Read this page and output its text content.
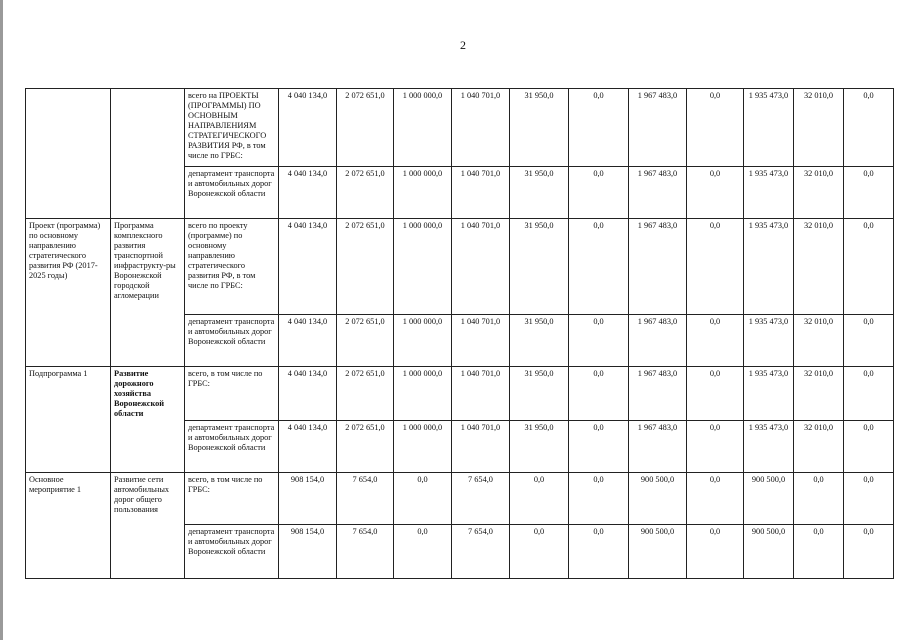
2
		всего на ПРОЕКТЫ (ПРОГРАММЫ) ПО ОСНОВНЫМ НАПРАВЛЕНИЯМ СТРАТЕГИЧЕСКОГО РАЗВИТИЯ РФ, в том числе по ГРБС:	4 040 134,0	2 072 651,0	1 000 000,0	1 040 701,0	31 950,0	0,0	1 967 483,0	0,0	1 935 473,0	32 010,0	0,0
		департамент транспорта и автомобильных дорог Воронежской области	4 040 134,0	2 072 651,0	1 000 000,0	1 040 701,0	31 950,0	0,0	1 967 483,0	0,0	1 935 473,0	32 010,0	0,0
Проект (программа) по основному направлению стратегического развития РФ (2017-2025 годы)	Программа комплексного развития транспортной инфраструкту-ры Воронежской городской агломерации	всего по проекту (программе) по основному направлению стратегического развития РФ, в том числе по ГРБС:	4 040 134,0	2 072 651,0	1 000 000,0	1 040 701,0	31 950,0	0,0	1 967 483,0	0,0	1 935 473,0	32 010,0	0,0
		департамент транспорта и автомобильных дорог Воронежской области	4 040 134,0	2 072 651,0	1 000 000,0	1 040 701,0	31 950,0	0,0	1 967 483,0	0,0	1 935 473,0	32 010,0	0,0
Подпрограмма 1	Развитие дорожного хозяйства Воронежской области	всего, в том числе по ГРБС:	4 040 134,0	2 072 651,0	1 000 000,0	1 040 701,0	31 950,0	0,0	1 967 483,0	0,0	1 935 473,0	32 010,0	0,0
		департамент транспорта и автомобильных дорог Воронежской области	4 040 134,0	2 072 651,0	1 000 000,0	1 040 701,0	31 950,0	0,0	1 967 483,0	0,0	1 935 473,0	32 010,0	0,0
Основное мероприятие 1	Развитие сети автомобильных дорог общего пользования	всего, в том числе по ГРБС:	908 154,0	7 654,0	0,0	7 654,0	0,0	0,0	900 500,0	0,0	900 500,0	0,0	0,0
		департамент транспорта и автомобильных дорог Воронежской области	908 154,0	7 654,0	0,0	7 654,0	0,0	0,0	900 500,0	0,0	900 500,0	0,0	0,0
